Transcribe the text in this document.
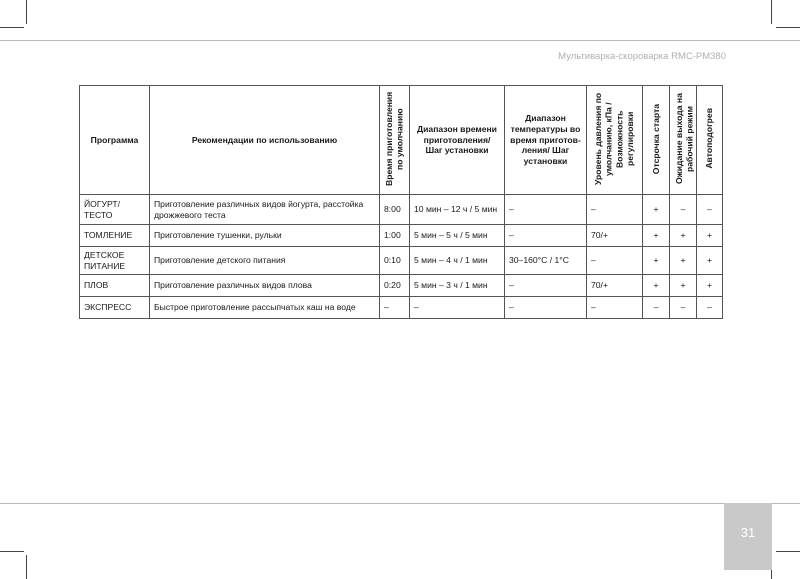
Мультиварка-скороварка RMC-PM380
Программа	Рекомендации по использованию	Время приготовления по умолчанию	Диапазон времени приготовления/ Шаг установки	Диапазон температуры во время приготов-ления/ Шаг установки	Уровень давления по умолчанию, кПа / Возможность регулировки	Отсрочка старта	Ожидание выхода на рабочий режим	Автоподогрев
ЙОГУРТ/ ТЕСТО	Приготовление различных видов йогурта, расстойка дрожжевого теста	8:00	10 мин – 12 ч / 5 мин	–	–	+	–	–
ТОМЛЕНИЕ	Приготовление тушенки, рульки	1:00	5 мин – 5 ч / 5 мин	–	70/+	+	+	+
ДЕТСКОЕ ПИТАНИЕ	Приготовление детского питания	0:10	5 мин – 4 ч / 1 мин	30–160°С / 1°С	–	+	+	+
ПЛОВ	Приготовление различных видов плова	0:20	5 мин – 3 ч / 1 мин	–	70/+	+	+	+
ЭКСПРЕСС	Быстрое приготовление рассыпчатых каш на воде	–	–	–	–	–	–	–
31
